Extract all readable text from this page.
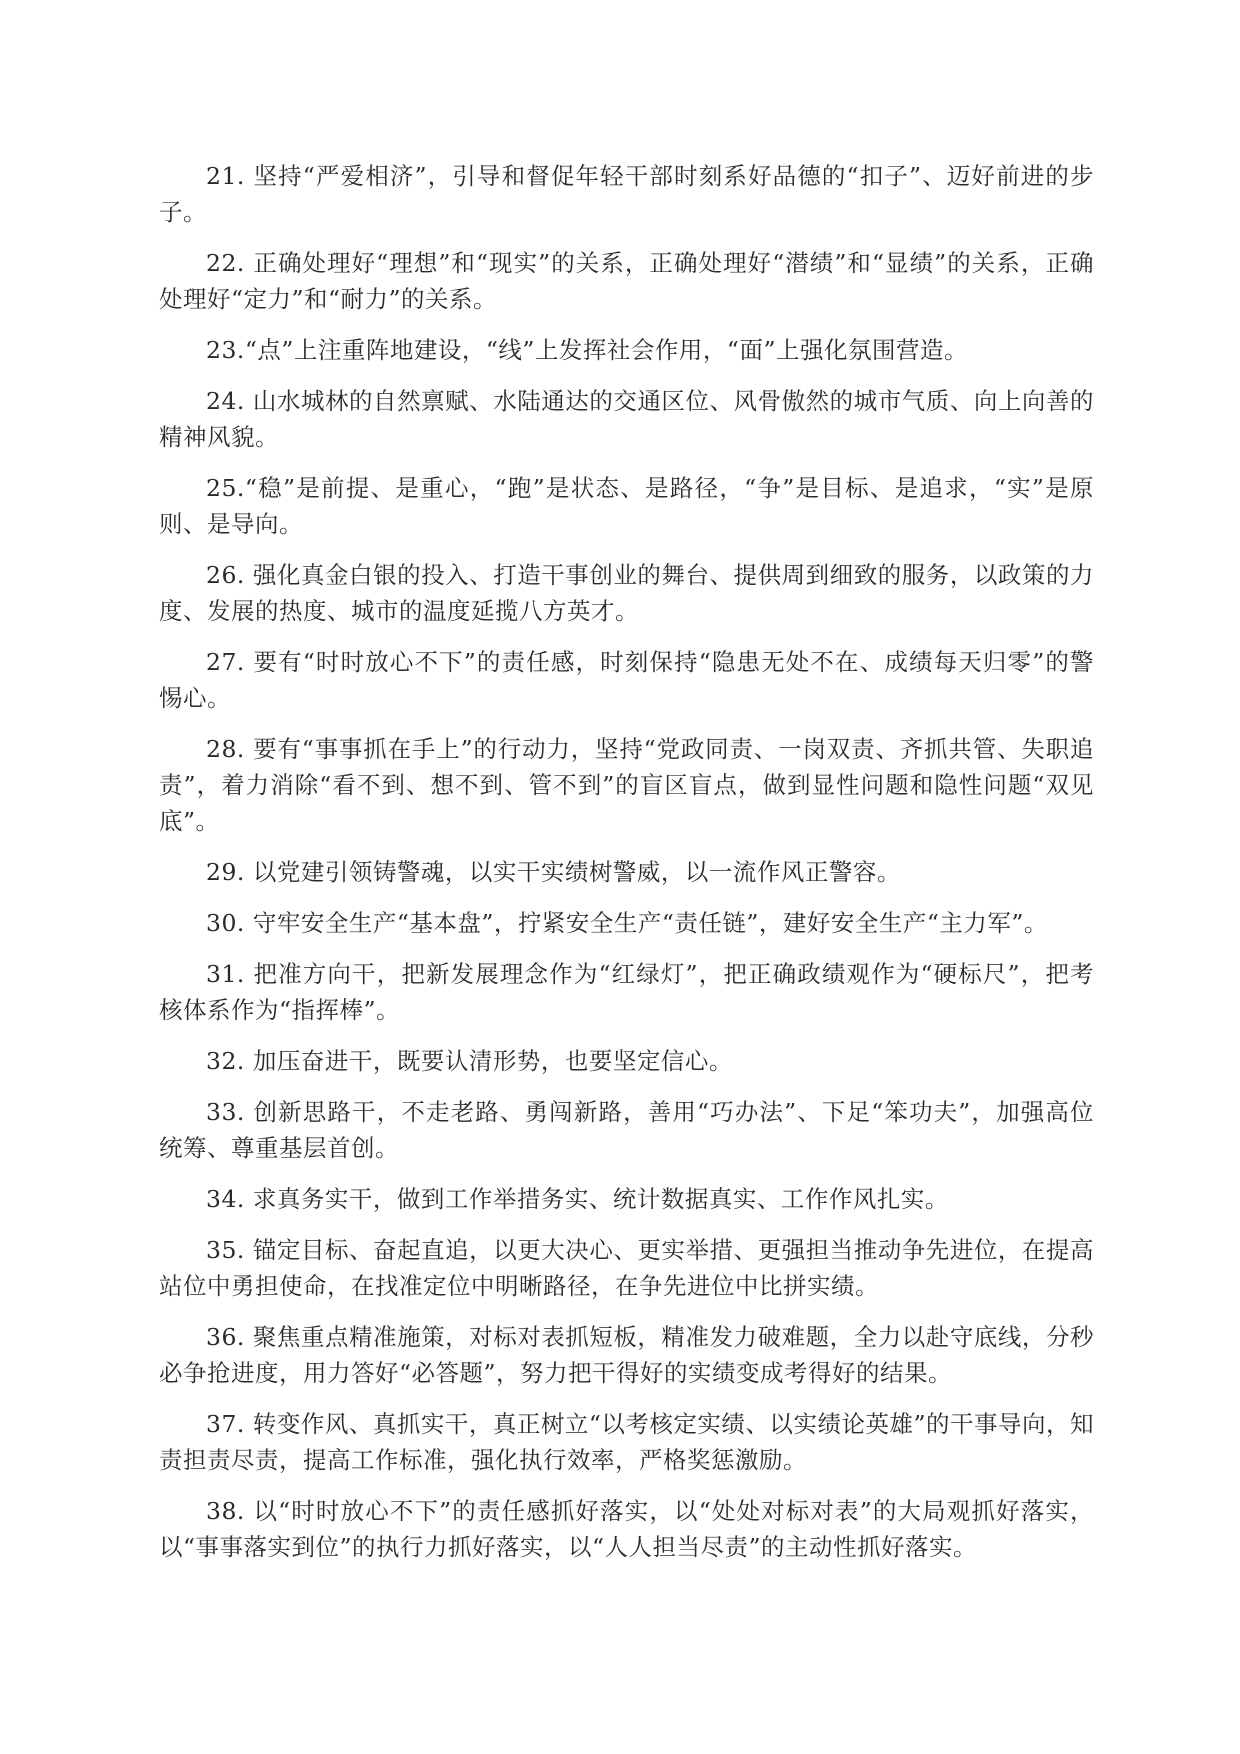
21. 坚持“严爱相济”，引导和督促年轻干部时刻系好品德的“扣子”、迈好前进的步子。

22. 正确处理好“理想”和“现实”的关系，正确处理好“潜绩”和“显绩”的关系，正确处理好“定力”和“耐力”的关系。

23.“点”上注重阵地建设，“线”上发挥社会作用，“面”上强化氛围营造。

24. 山水城林的自然禀赋、水陆通达的交通区位、风骨傲然的城市气质、向上向善的精神风貌。

25.“稳”是前提、是重心，“跑”是状态、是路径，“争”是目标、是追求，“实”是原则、是导向。

26. 强化真金白银的投入、打造干事创业的舞台、提供周到细致的服务，以政策的力度、发展的热度、城市的温度延揽八方英才。

27. 要有“时时放心不下”的责任感，时刻保持“隐患无处不在、成绩每天归零”的警惕心。

28. 要有“事事抓在手上”的行动力，坚持“党政同责、一岗双责、齐抓共管、失职追责”，着力消除“看不到、想不到、管不到”的盲区盲点，做到显性问题和隐性问题“双见底”。

29. 以党建引领铸警魂，以实干实绩树警威，以一流作风正警容。

30. 守牢安全生产“基本盘”，拧紧安全生产“责任链”，建好安全生产“主力军”。

31. 把准方向干，把新发展理念作为“红绿灯”，把正确政绩观作为“硬标尺”，把考核体系作为“指挥棒”。

32. 加压奋进干，既要认清形势，也要坚定信心。

33. 创新思路干，不走老路、勇闯新路，善用“巧办法”、下足“笨功夫”，加强高位统筹、尊重基层首创。

34. 求真务实干，做到工作举措务实、统计数据真实、工作作风扎实。

35. 锚定目标、奋起直追，以更大决心、更实举措、更强担当推动争先进位，在提高站位中勇担使命，在找准定位中明晰路径，在争先进位中比拼实绩。

36. 聚焦重点精准施策，对标对表抓短板，精准发力破难题，全力以赴守底线，分秒必争抢进度，用力答好“必答题”，努力把干得好的实绩变成考得好的结果。

37. 转变作风、真抓实干，真正树立“以考核定实绩、以实绩论英雄”的干事导向，知责担责尽责，提高工作标准，强化执行效率，严格奖惩激励。

38. 以“时时放心不下”的责任感抓好落实，以“处处对标对表”的大局观抓好落实，以“事事落实到位”的执行力抓好落实，以“人人担当尽责”的主动性抓好落实。
